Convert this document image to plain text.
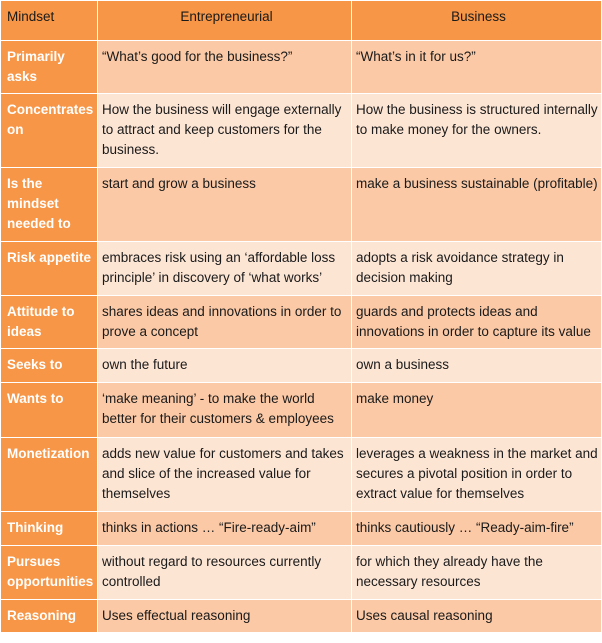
Mindset	Entrepreneurial	Business
Primarily asks	“What’s good for the business?”	“What’s in it for us?”
Concentrates on	How the business will engage externally to attract and keep customers for the business.	How the business is structured internally to make money for the owners.
Is the mindset needed to	start and grow a business	make a business sustainable (profitable)
Risk appetite	embraces risk using an ‘affordable loss principle’ in discovery of ‘what works’	adopts a risk avoidance strategy in decision making
Attitude to ideas	shares ideas and innovations in order to prove a concept	guards and protects ideas and innovations in order to capture its value
Seeks to	own the future	own a business
Wants to	‘make meaning’ - to make the world better for their customers & employees	make money
Monetization	adds new value for customers and takes and slice of the increased value for themselves	leverages a weakness in the market and secures a pivotal position in order to extract value for themselves
Thinking	thinks in actions … “Fire-ready-aim”	thinks cautiously … “Ready-aim-fire”
Pursues opportunities	without regard to resources currently controlled	for which they already have the necessary resources
Reasoning	Uses effectual reasoning	Uses causal reasoning
